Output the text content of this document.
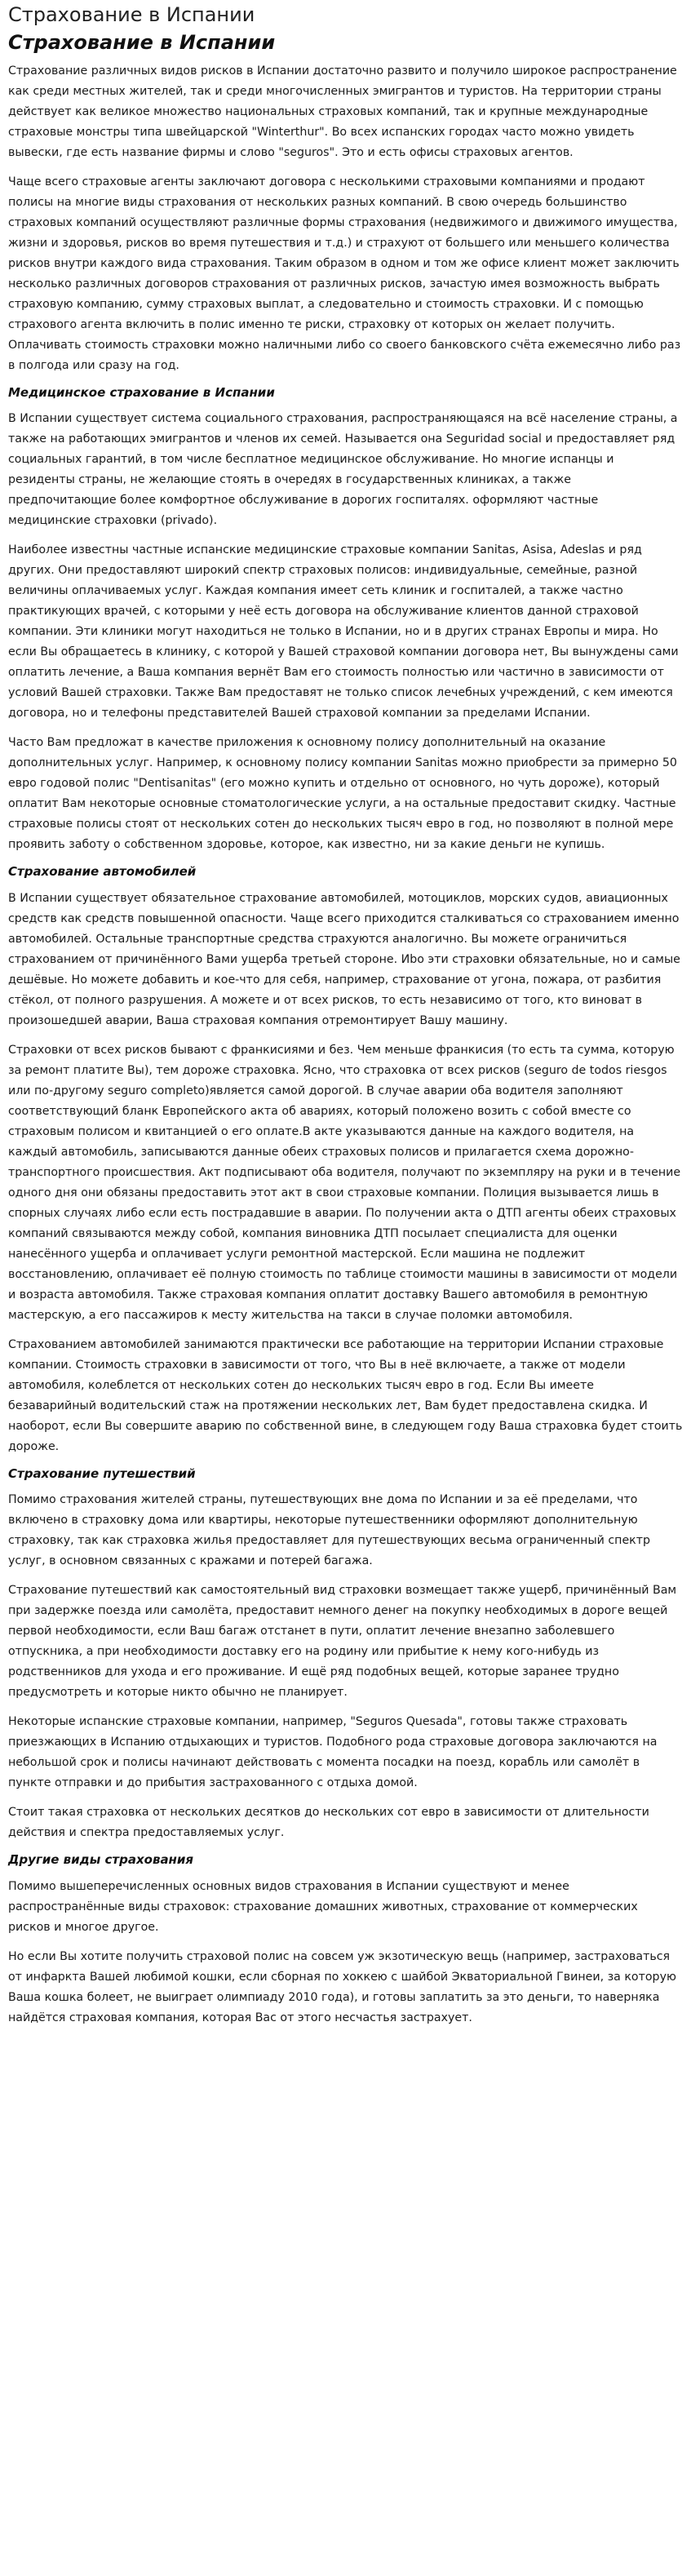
Страхование в Испании
Страхование в Испании

Страхование различных видов рисков в Испании достаточно развито и получило широкое распространение как среди местных жителей, так и среди многочисленных эмигрантов и туристов. На территории страны действует как великое множество национальных страховых компаний, так и крупные международные страховые монстры типа швейцарской "Winterthur". Во всех испанских городах часто можно увидеть вывески, где есть название фирмы и слово "seguros". Это и есть офисы страховых агентов.

Чаще всего страховые агенты заключают договора с несколькими страховыми компаниями и продают полисы на многие виды страхования от нескольких разных компаний. В свою очередь большинство страховых компаний осуществляют различные формы страхования (недвижимого и движимого имущества, жизни и здоровья, рисков во время путешествия и т.д.) и страхуют от большего или меньшего количества рисков внутри каждого вида страхования. Таким образом в одном и том же офисе клиент может заключить несколько различных договоров страхования от различных рисков, зачастую имея возможность выбрать страховую компанию, сумму страховых выплат, а следовательно и стоимость страховки. И с помощью страхового агента включить в полис именно те риски, страховку от которых он желает получить. Оплачивать стоимость страховки можно наличными либо со своего банковского счёта ежемесячно либо раз в полгода или сразу на год.

Медицинское страхование в Испании

В Испании существует система социального страхования, распространяющаяся на всё население страны, а также на работающих эмигрантов и членов их семей. Называется она Seguridad social и предоставляет ряд социальных гарантий, в том числе бесплатное медицинское обслуживание. Но многие испанцы и резиденты страны, не желающие стоять в очередях в государственных клиниках, а также предпочитающие более комфортное обслуживание в дорогих госпиталях. оформляют частные медицинские страховки (privado).

Наиболее известны частные испанские медицинские страховые компании Sanitas, Asisa, Adeslas и ряд других. Они предоставляют широкий спектр страховых полисов: индивидуальные, семейные, разной величины оплачиваемых услуг. Каждая компания имеет сеть клиник и госпиталей, а также частно практикующих врачей, с которыми у неё есть договора на обслуживание клиентов данной страховой компании. Эти клиники могут находиться не только в Испании, но и в других странах Европы и мира. Но если Вы обращаетесь в клинику, с которой у Вашей страховой компании договора нет, Вы вынуждены сами оплатить лечение, а Ваша компания вернёт Вам его стоимость полностью или частично в зависимости от условий Вашей страховки. Также Вам предоставят не только список лечебных учреждений, с кем имеются договора, но и телефоны представителей Вашей страховой компании за пределами Испании.

Часто Вам предложат в качестве приложения к основному полису дополнительный на оказание дополнительных услуг. Например, к основному полису компании Sanitas можно приобрести за примерно 50 евро годовой полис "Dentisanitas" (его можно купить и отдельно от основного, но чуть дороже), который оплатит Вам некоторые основные стоматологические услуги, а на остальные предоставит скидку. Частные страховые полисы стоят от нескольких сотен до нескольких тысяч евро в год, но позволяют в полной мере проявить заботу о собственном здоровье, которое, как известно, ни за какие деньги не купишь.

Страхование автомобилей

В Испании существует обязательное страхование автомобилей, мотоциклов, морских судов, авиационных средств как средств повышенной опасности. Чаще всего приходится сталкиваться со страхованием именно автомобилей. Остальные транспортные средства страхуются аналогично. Вы можете ограничиться страхованием от причинённого Вами ущерба третьей стороне. Иbо эти страховки обязательные, но и самые дешёвые. Но можете добавить и кое-что для себя, например, страхование от угона, пожара, от разбития стёкол, от полного разрушения. А можете и от всех рисков, то есть независимо от того, кто виноват в произошедшей аварии, Ваша страховая компания отремонтирует Вашу машину.

Страховки от всех рисков бывают с франкисиями и без. Чем меньше франкисия (то есть та сумма, которую за ремонт платите Вы), тем дороже страховка. Ясно, что страховка от всех рисков (seguro de todos riesgos или по-другому seguro completo)является самой дорогой. В случае аварии оба водителя заполняют соответствующий бланк Европейского акта об авариях, который положено возить с собой вместе со страховым полисом и квитанцией о его оплате.В акте указываются данные на каждого водителя, на каждый автомобиль, записываются данные обеих страховых полисов и прилагается схема дорожно-транспортного происшествия. Акт подписывают оба водителя, получают по экземпляру на руки и в течение одного дня они обязаны предоставить этот акт в свои страховые компании. Полиция вызывается лишь в спорных случаях либо если есть пострадавшие в аварии. По получении акта о ДТП агенты обеих страховых компаний связываются между собой, компания виновника ДТП посылает специалиста для оценки нанесённого ущерба и оплачивает услуги ремонтной мастерской. Если машина не подлежит восстановлению, оплачивает её полную стоимость по таблице стоимости машины в зависимости от модели и возраста автомобиля. Также страховая компания оплатит доставку Вашего автомобиля в ремонтную мастерскую, а его пассажиров к месту жительства на такси в случае поломки автомобиля.

Страхованием автомобилей занимаются практически все работающие на территории Испании страховые компании. Стоимость страховки в зависимости от того, что Вы в неё включаете, а также от модели автомобиля, колеблется от нескольких сотен до нескольких тысяч евро в год. Если Вы имеете безаварийный водительский стаж на протяжении нескольких лет, Вам будет предоставлена скидка. И наоборот, если Вы совершите аварию по собственной вине, в следующем году Ваша страховка будет стоить дороже.

Страхование путешествий

Помимо страхования жителей страны, путешествующих вне дома по Испании и за её пределами, что включено в страховку дома или квартиры, некоторые путешественники оформляют дополнительную страховку, так как страховка жилья предоставляет для путешествующих весьма ограниченный спектр услуг, в основном связанных с кражами и потерей багажа.

Страхование путешествий как самостоятельный вид страховки возмещает также ущерб, причинённый Вам при задержке поезда или самолёта, предоставит немного денег на покупку необходимых в дороге вещей первой необходимости, если Ваш багаж отстанет в пути, оплатит лечение внезапно заболевшего отпускника, а при необходимости доставку его на родину или прибытие к нему кого-нибудь из родственников для ухода и его проживание. И ещё ряд подобных вещей, которые заранее трудно предусмотреть и которые никто обычно не планирует.

Некоторые испанские страховые компании, например, "Seguros Quesada", готовы также страховать приезжающих в Испанию отдыхающих и туристов. Подобного рода страховые договора заключаются на небольшой срок и полисы начинают действовать с момента посадки на поезд, корабль или самолёт в пункте отправки и до прибытия застрахованного с отдыха домой.

Стоит такая страховка от нескольких десятков до нескольких сот евро в зависимости от длительности действия и спектра предоставляемых услуг.

Другие виды страхования

Помимо вышеперечисленных основных видов страхования в Испании существуют и менее распространённые виды страховок: страхование домашних животных, страхование от коммерческих рисков и многое другое.

Но если Вы хотите получить страховой полис на совсем уж экзотическую вещь (например, застраховаться от инфаркта Вашей любимой кошки, если сборная по хоккею с шайбой Экваториальной Гвинеи, за которую Ваша кошка болеет, не выиграет олимпиаду 2010 года), и готовы заплатить за это деньги, то наверняка найдётся страховая компания, которая Вас от этого несчастья застрахует.
